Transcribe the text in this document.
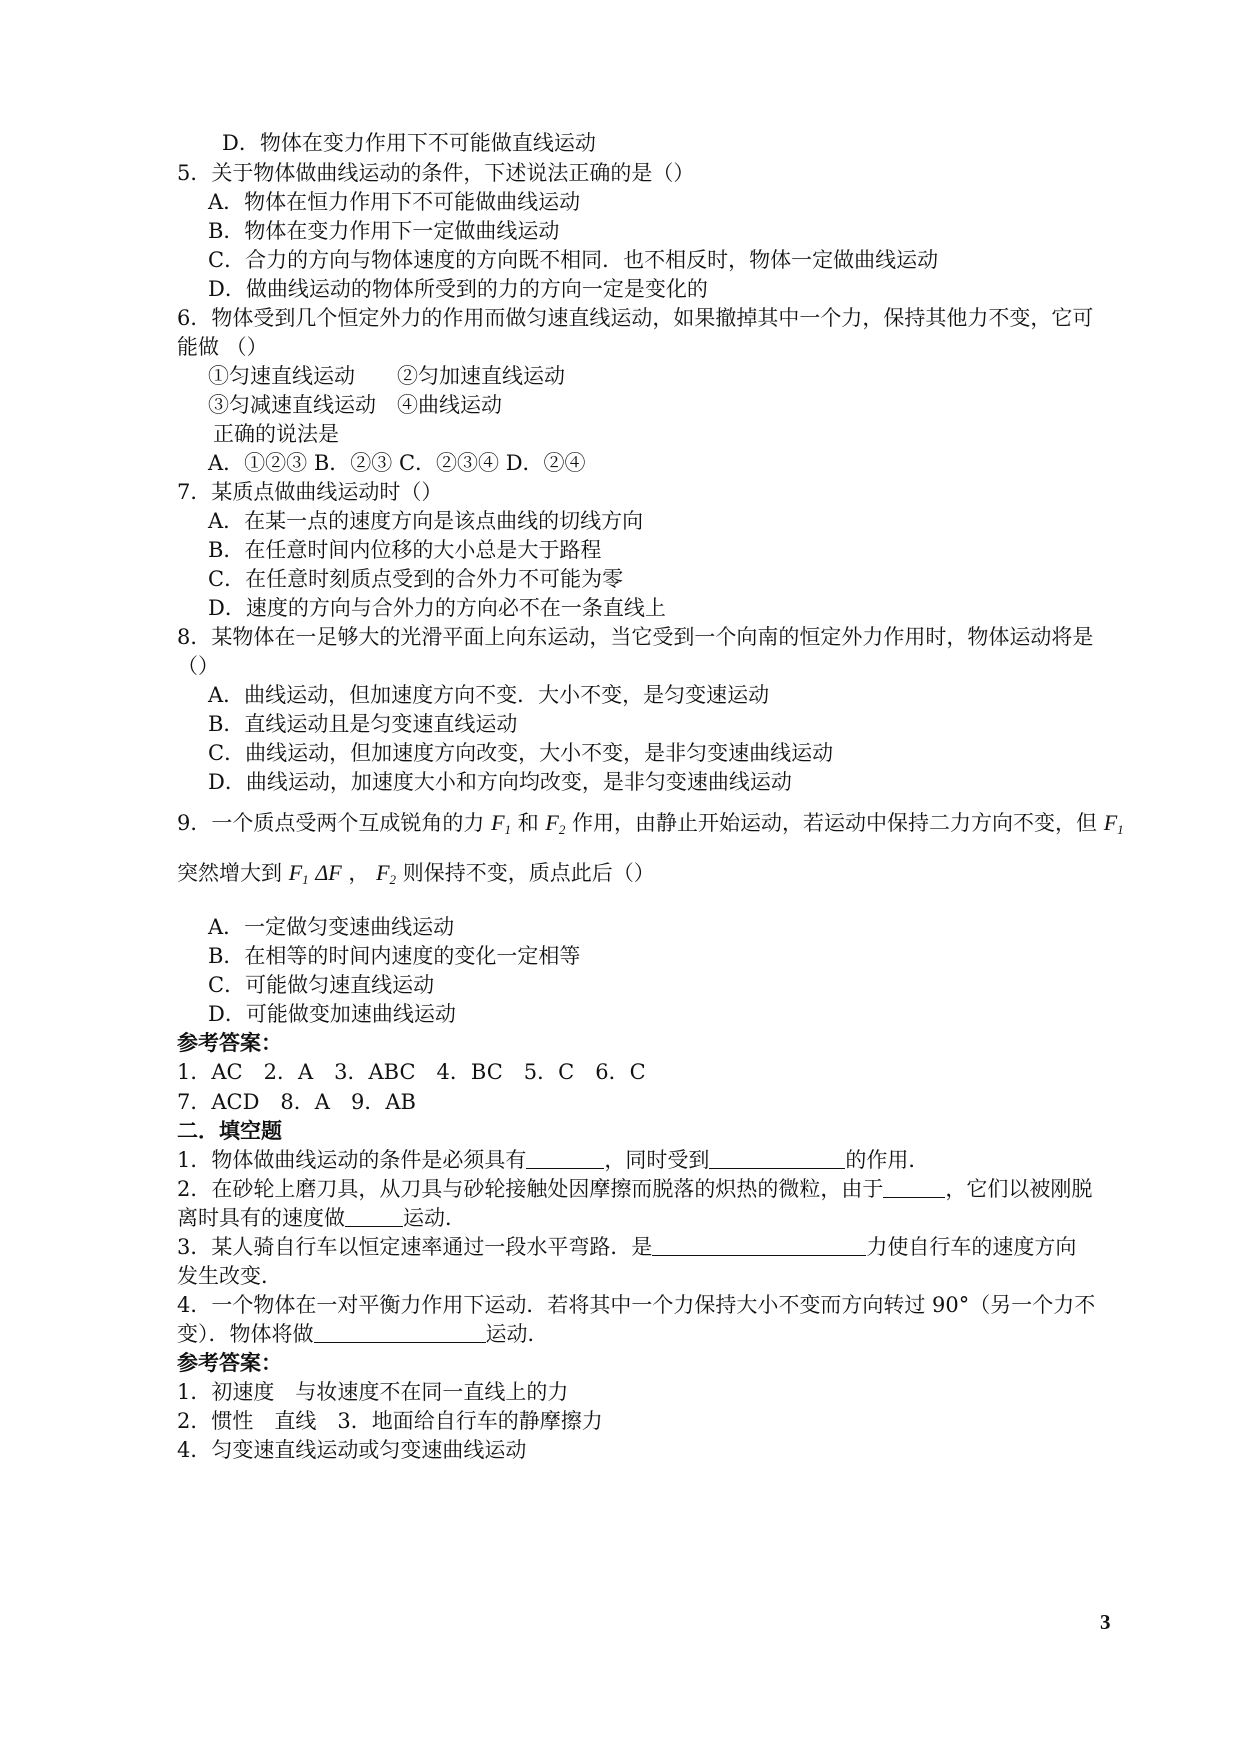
D．物体在变力作用下不可能做直线运动
5．关于物体做曲线运动的条件，下述说法正确的是（）
A．物体在恒力作用下不可能做曲线运动
B．物体在变力作用下一定做曲线运动
C．合力的方向与物体速度的方向既不相同．也不相反时，物体一定做曲线运动
D．做曲线运动的物体所受到的力的方向一定是变化的
6．物体受到几个恒定外力的作用而做匀速直线运动，如果撤掉其中一个力，保持其他力不变，它可
能做 （）
①匀速直线运动　　②匀加速直线运动
③匀减速直线运动　④曲线运动
正确的说法是
A．①②③ B．②③ C．②③④ D．②④
7．某质点做曲线运动时（）
A．在某一点的速度方向是该点曲线的切线方向
B．在任意时间内位移的大小总是大于路程
C．在任意时刻质点受到的合外力不可能为零
D．速度的方向与合外力的方向必不在一条直线上
8．某物体在一足够大的光滑平面上向东运动，当它受到一个向南的恒定外力作用时，物体运动将是
（）
A．曲线运动，但加速度方向不变．大小不变，是匀变速运动
B．直线运动且是匀变速直线运动
C．曲线运动，但加速度方向改变，大小不变，是非匀变速曲线运动
D．曲线运动，加速度大小和方向均改变，是非匀变速曲线运动
9．一个质点受两个互成锐角的力 $F_1$ 和 $F_2$ 作用，由静止开始运动，若运动中保持二力方向不变，但 $F_1$
突然增大到 $F_1$ ΔF ， $F_2$ 则保持不变，质点此后（）
A．一定做匀变速曲线运动
B．在相等的时间内速度的变化一定相等
C．可能做匀速直线运动
D．可能做变加速曲线运动
参考答案：
1．AC　2．A　3．ABC　4．BC　5．C　6．C
7．ACD　8．A　9．AB
二．填空题
1．物体做曲线运动的条件是必须具有	，同时受到	的作用．
2．在砂轮上磨刀具，从刀具与砂轮接触处因摩擦而脱落的炽热的微粒，由于	，它们以被刚脱
离时具有的速度做	运动．
3．某人骑自行车以恒定速率通过一段水平弯路．是	力使自行车的速度方向
发生改变．
4．一个物体在一对平衡力作用下运动．若将其中一个力保持大小不变而方向转过 90°（另一个力不
变）．物体将做	运动．
参考答案：
1．初速度　与妆速度不在同一直线上的力
2．惯性　直线　3．地面给自行车的静摩擦力
4．匀变速直线运动或匀变速曲线运动
3
